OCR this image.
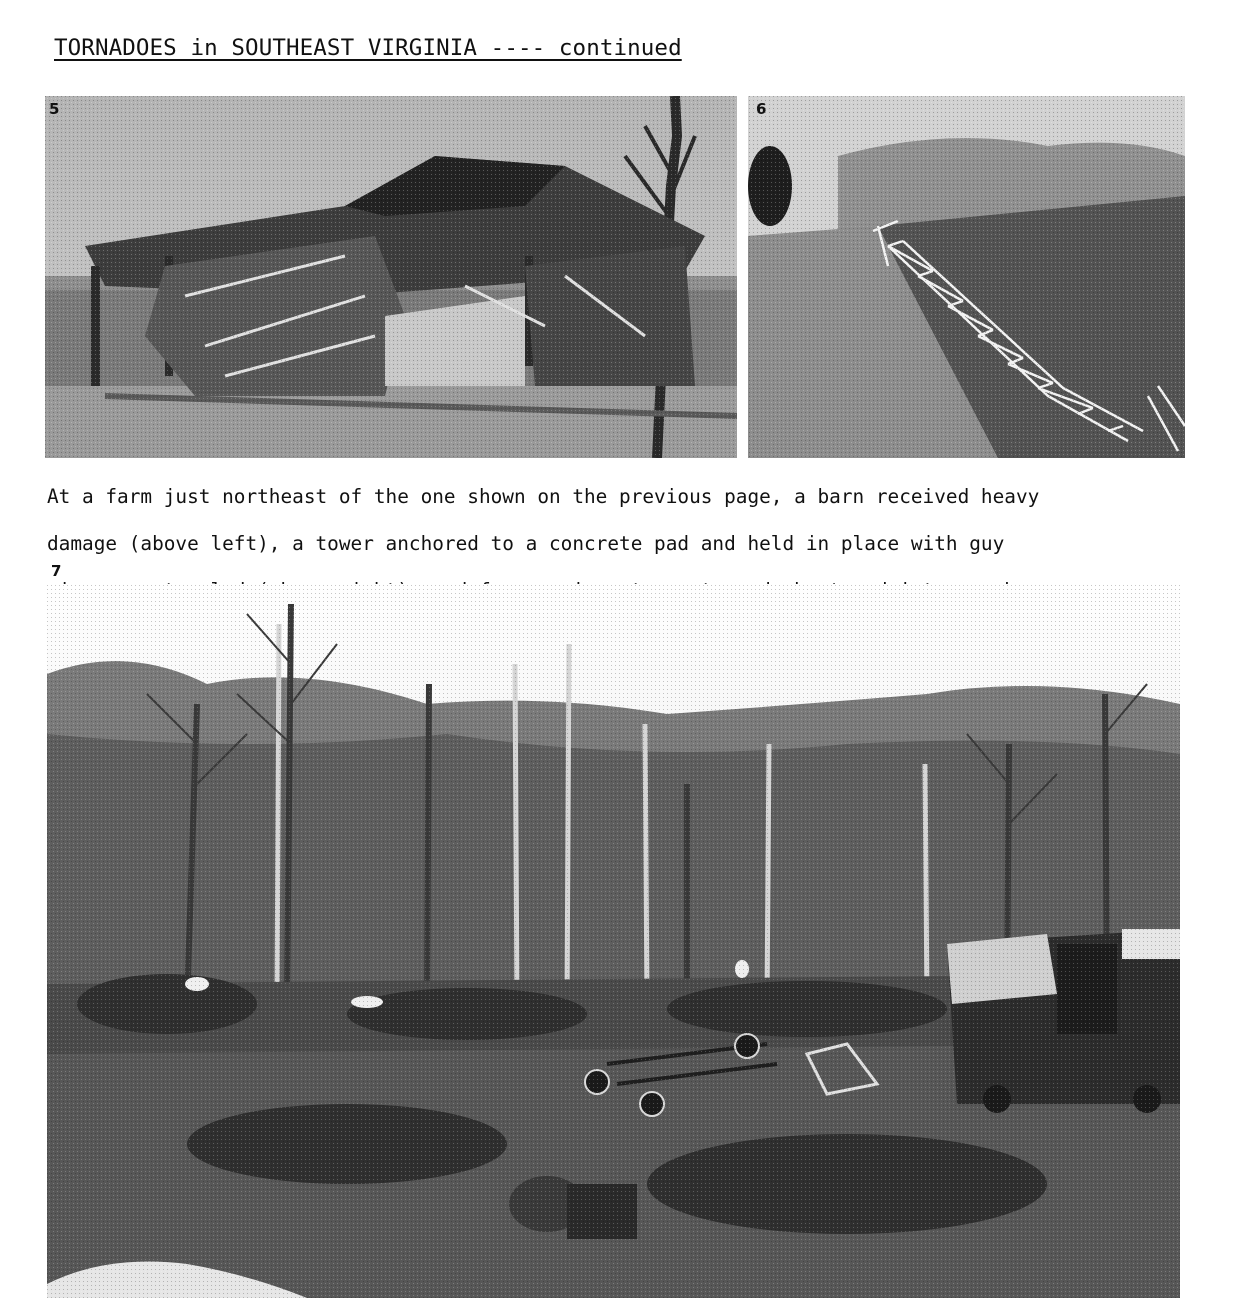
TORNADOES in SOUTHEAST VIRGINIA ---- continued
5	6

At a farm just northeast of the one shown on the previous page, a barn received heavy

damage (above left), a tower anchored to a concrete pad and held in place with guy

7
